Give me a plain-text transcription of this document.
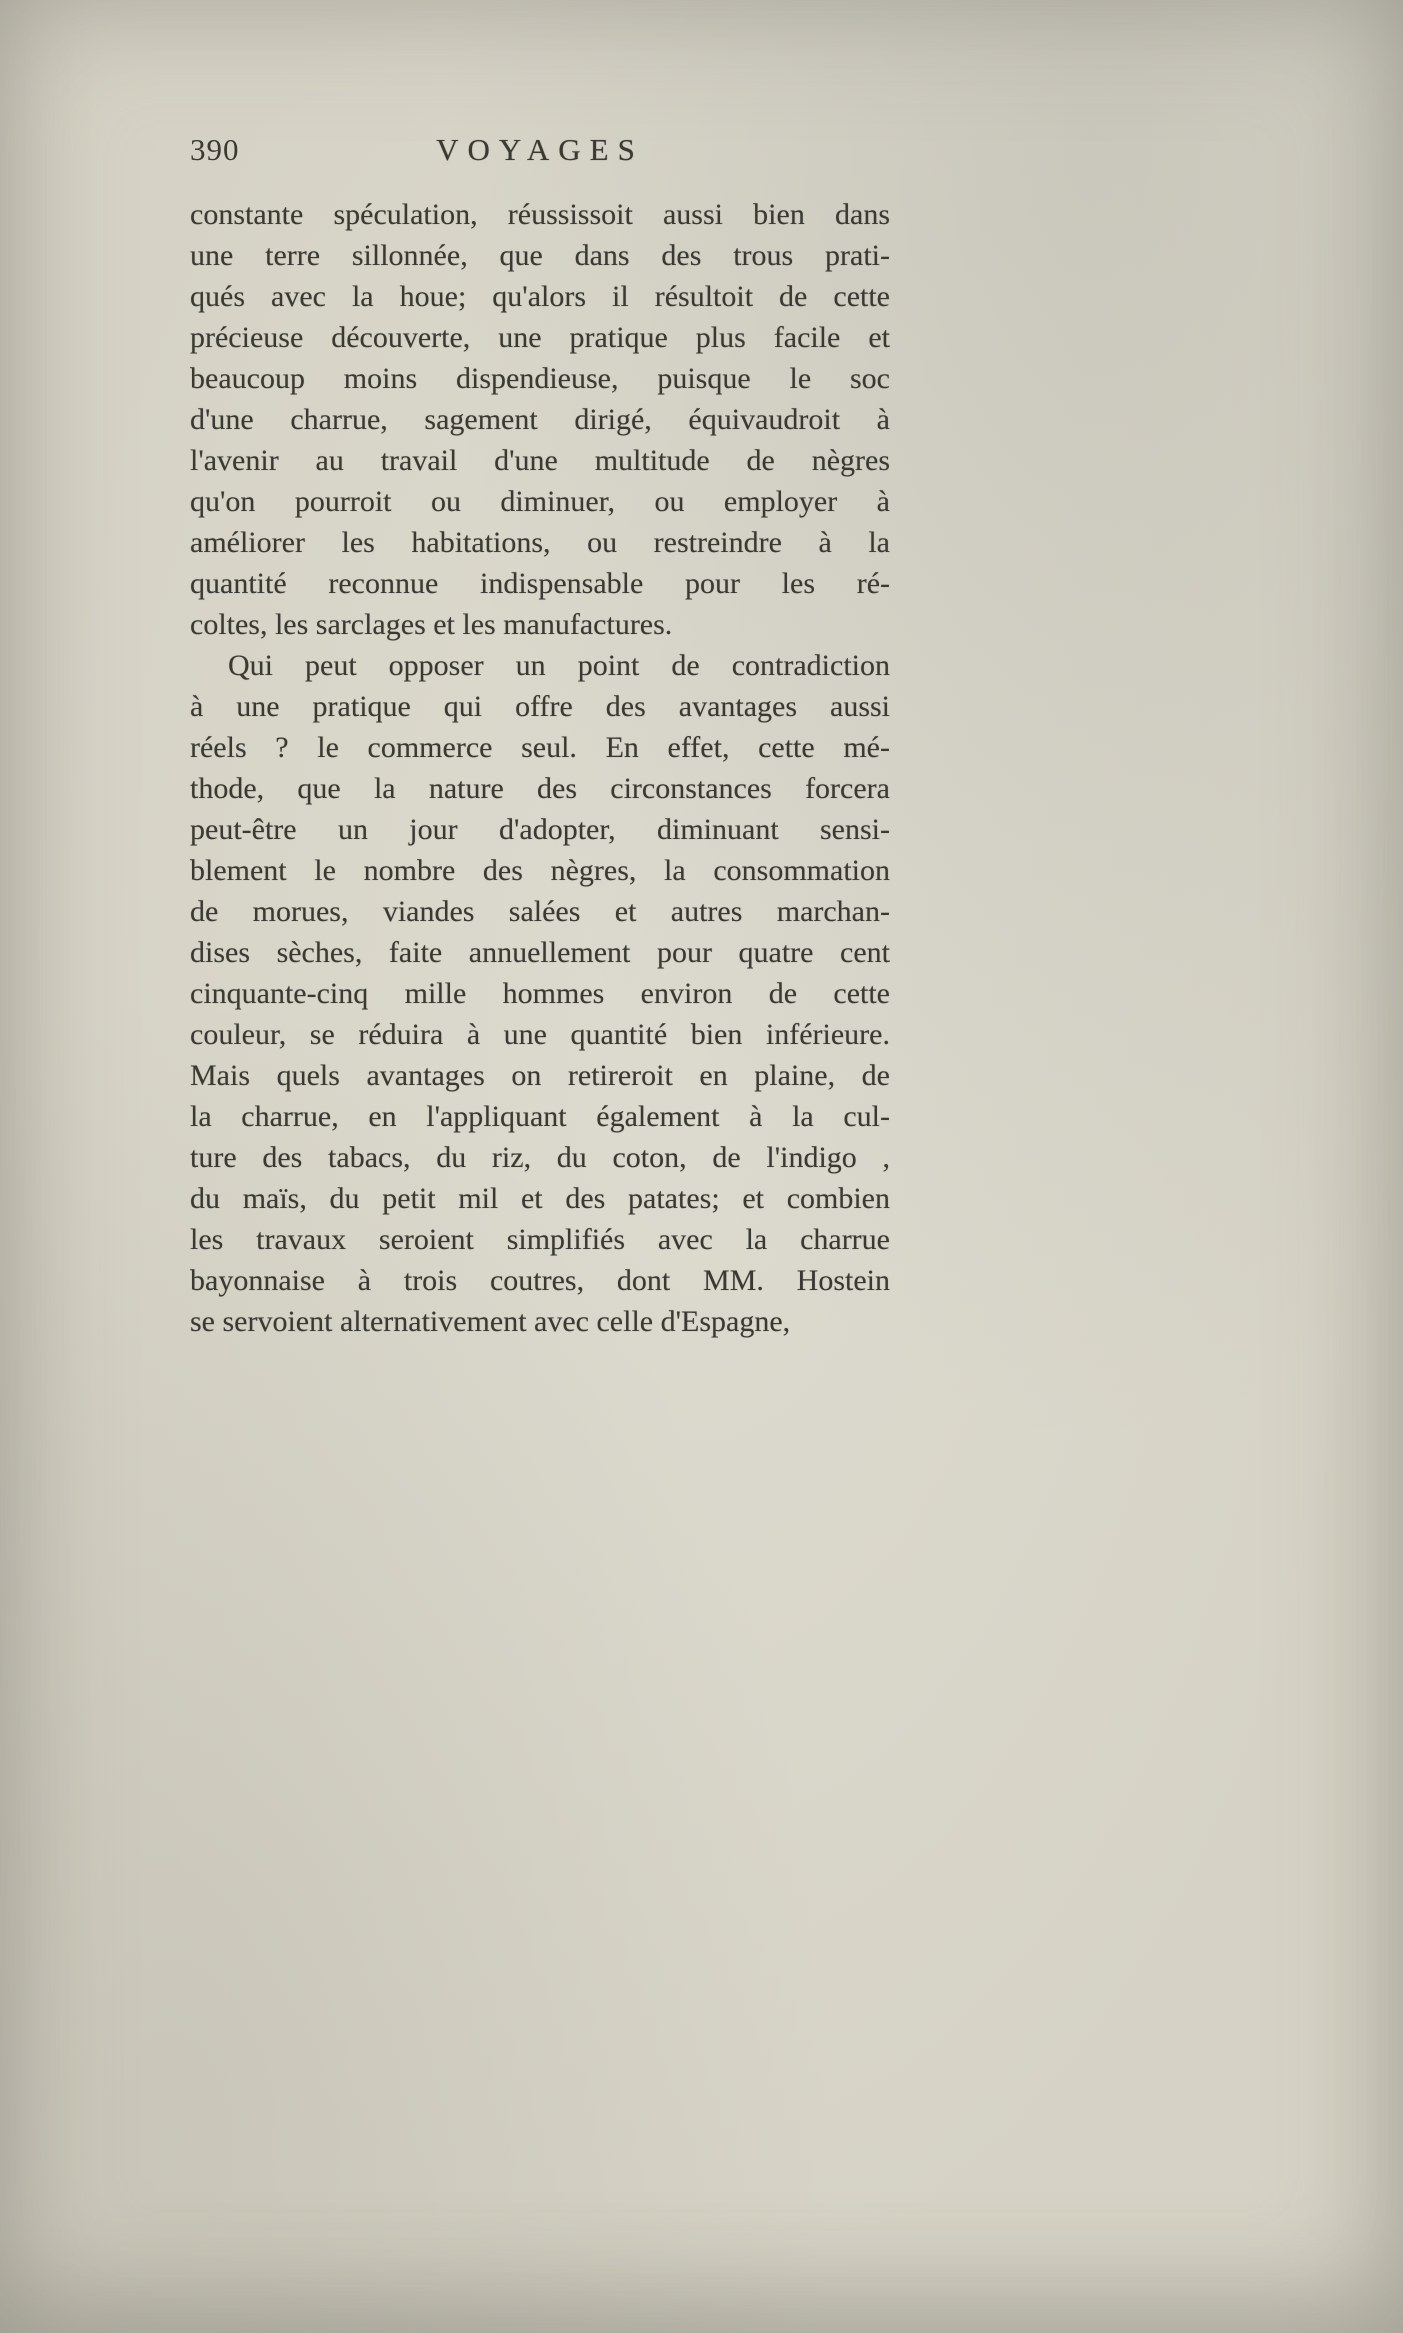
390	VOYAGES
constante spéculation, réussissoit aussi bien dans
une terre sillonnée, que dans des trous prati-
qués avec la houe; qu'alors il résultoit de cette
précieuse découverte, une pratique plus facile et
beaucoup moins dispendieuse, puisque le soc
d'une charrue, sagement dirigé, équivaudroit à
l'avenir au travail d'une multitude de nègres
qu'on pourroit ou diminuer, ou employer à
améliorer les habitations, ou restreindre à la
quantité reconnue indispensable pour les ré-
coltes, les sarclages et les manufactures.
Qui peut opposer un point de contradiction
à une pratique qui offre des avantages aussi
réels ? le commerce seul. En effet, cette mé-
thode, que la nature des circonstances forcera
peut-être un jour d'adopter, diminuant sensi-
blement le nombre des nègres, la consommation
de morues, viandes salées et autres marchan-
dises sèches, faite annuellement pour quatre cent
cinquante-cinq mille hommes environ de cette
couleur, se réduira à une quantité bien inférieure.
Mais quels avantages on retireroit en plaine, de
la charrue, en l'appliquant également à la cul-
ture des tabacs, du riz, du coton, de l'indigo ,
du maïs, du petit mil et des patates; et combien
les travaux seroient simplifiés avec la charrue
bayonnaise à trois coutres, dont MM. Hostein
se servoient alternativement avec celle d'Espagne,
